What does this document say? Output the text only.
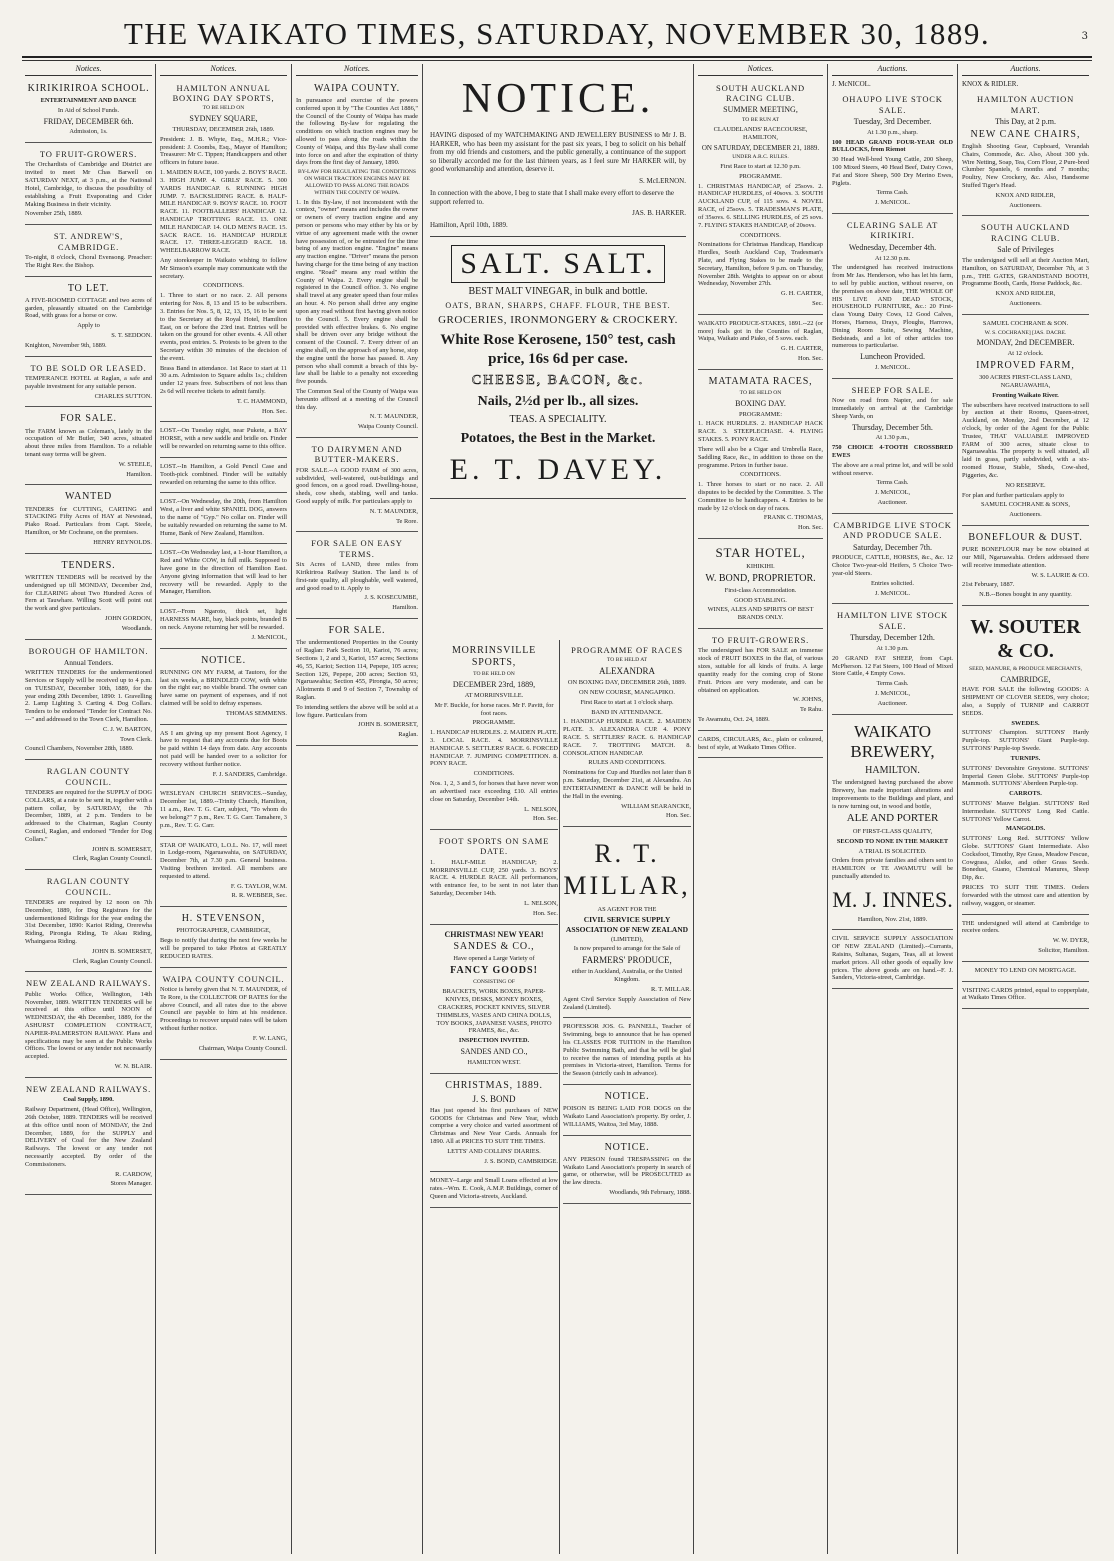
THE WAIKATO TIMES, SATURDAY, NOVEMBER 30, 1889.	3
Notices.
KIRIKIRIROA SCHOOL.

ENTERTAINMENT AND DANCE

In Aid of School Funds.

FRIDAY, DECEMBER 6th.

Admission, 1s.

TO FRUIT-GROWERS.

The Orchardists of Cambridge and District are invited to meet Mr Chas Barwell on SATURDAY NEXT, at 3 p.m., at the National Hotel, Cambridge, to discuss the possibility of establishing a Fruit Evaporating and Cider Making Business in their vicinity.

November 25th, 1889.

ST. ANDREW'S, CAMBRIDGE.

To-night, 8 o'clock, Choral Evensong. Preacher: The Right Rev. the Bishop.

TO LET.

A FIVE-ROOMED COTTAGE and two acres of garden, pleasantly situated on the Cambridge Road, with grass for a horse or cow.

Apply to

S. T. SEDDON.

Knighton, November 9th, 1889.

TO BE SOLD OR LEASED.

TEMPERANCE HOTEL at Raglan, a safe and payable investment for any suitable person.

CHARLES SUTTON.

FOR SALE.

The FARM known as Coleman's, lately in the occupation of Mr Butler, 340 acres, situated about three miles from Hamilton. To a reliable tenant easy terms will be given.

W. STEELE,

Hamilton.

WANTED

TENDERS for CUTTING, CARTING and STACKING Fifty Acres of HAY at Newstead, Piako Road. Particulars from Capt. Steele, Hamilton, or Mr Cochrane, on the premises.

HENRY REYNOLDS.

TENDERS.

WRITTEN TENDERS will be received by the undersigned up till MONDAY, December 2nd, for CLEARING about Two Hundred Acres of Fern at Tauwhare. Willing Scott will point out the work and give particulars.

JOHN GORDON,

Woodlands.

BOROUGH OF HAMILTON.

Annual Tenders.

WRITTEN TENDERS for the undermentioned Services or Supply will be received up to 4 p.m. on TUESDAY, December 10th, 1889, for the year ending 20th December, 1890: 1. Gravelling 2. Lamp Lighting 3. Carting 4. Dog Collars. Tenders to be endorsed "Tender for Contract No. ---" and addressed to the Town Clerk, Hamilton.

C. J. W. BARTON,

Town Clerk.

Council Chambers, November 28th, 1889.

RAGLAN COUNTY COUNCIL.

TENDERS are required for the SUPPLY of DOG COLLARS, at a rate to be sent in, together with a pattern collar, by SATURDAY, the 7th December, 1889, at 2 p.m. Tenders to be addressed to the Chairman, Raglan County Council, Raglan, and endorsed "Tender for Dog Collars."

JOHN B. SOMERSET,

Clerk, Raglan County Council.

RAGLAN COUNTY COUNCIL.

TENDERS are required by 12 noon on 7th December, 1889, for Dog Registrars for the undermentioned Ridings for the year ending the 31st December, 1890: Karioi Riding, Orerewha Riding, Pirongia Riding, Te Akau Riding, Whaingaroa Riding.

JOHN B. SOMERSET,

Clerk, Raglan County Council.

NEW ZEALAND RAILWAYS.

Public Works Office, Wellington, 14th November, 1889. WRITTEN TENDERS will be received at this office until NOON of WEDNESDAY, the 4th December, 1889, for the ASHURST COMPLETION CONTRACT, NAPIER-PALMERSTON RAILWAY. Plans and specifications may be seen at the Public Works Offices. The lowest or any tender not necessarily accepted.

W. N. BLAIR.

NEW ZEALAND RAILWAYS.

Coal Supply, 1890.

Railway Department, (Head Office), Wellington, 26th October, 1889. TENDERS will be received at this office until noon of MONDAY, the 2nd December, 1889, for the SUPPLY and DELIVERY of Coal for the New Zealand Railways. The lowest or any tender not necessarily accepted. By order of the Commissioners.

R. CARDOW,

Stores Manager.

Notices.
HAMILTON ANNUAL BOXING DAY SPORTS,

TO BE HELD ON

SYDNEY SQUARE,

THURSDAY, DECEMBER 26th, 1889.

President: J. B. Whyte, Esq., M.H.R.; Vice-president: J. Coombs, Esq., Mayor of Hamilton; Treasurer: Mr C. Tippen; Handicappers and other officers in future issue.

1. MAIDEN RACE, 100 yards. 2. BOYS' RACE. 3. HIGH JUMP. 4. GIRLS' RACE. 5. 300 YARDS HANDICAP. 6. RUNNING HIGH JUMP. 7. BACKSLIDING RACE. 8. HALF-MILE HANDICAP. 9. BOYS' RACE. 10. FOOT RACE. 11. FOOTBALLERS' HANDICAP. 12. HANDICAP TROTTING RACE. 13. ONE MILE HANDICAP. 14. OLD MEN'S RACE. 15. SACK RACE. 16. HANDICAP HURDLE RACE. 17. THREE-LEGGED RACE. 18. WHEELBARROW RACE.

Any storekeeper in Waikato wishing to follow Mr Simson's example may communicate with the secretary.

CONDITIONS.

1. Three to start or no race. 2. All persons entering for Nos. 8, 13 and 15 to be subscribers. 3. Entries for Nos. 5, 8, 12, 13, 15, 16 to be sent to the Secretary at the Royal Hotel, Hamilton East, on or before the 23rd inst. Entries will be taken on the ground for other events. 4. All other events, post entries. 5. Protests to be given to the Secretary within 30 minutes of the decision of the event.

Brass Band in attendance. 1st Race to start at 11 30 a.m. Admission to Square adults 1s.; children under 12 years free. Subscribers of not less than 2s 6d will receive tickets to admit family.

T. C. HAMMOND,

Hon. Sec.

LOST.--On Tuesday night, near Pukete, a BAY HORSE, with a new saddle and bridle on. Finder will be rewarded on returning same to this office.

LOST.--In Hamilton, a Gold Pencil Case and Tooth-pick combined. Finder will be suitably rewarded on returning the same to this office.

LOST.--On Wednesday, the 20th, from Hamilton West, a liver and white SPANIEL DOG, answers to the name of "Gyp." No collar on. Finder will be suitably rewarded on returning the same to M. Hume, Bank of New Zealand, Hamilton.

LOST.--On Wednesday last, a 1-hour Hamilton, a Red and White COW, in full milk. Supposed to have gone in the direction of Hamilton East. Anyone giving information that will lead to her recovery will be rewarded. Apply to the Manager, Hamilton.

LOST.--From Ngaroto, thick set, light HARNESS MARE, bay, black points, branded B on neck. Anyone returning her will be rewarded.

J. McNICOL,

NOTICE.

RUNNING ON MY FARM, at Tautoro, for the last six weeks, a BRINDLED COW, with white on the right ear; no visible brand. The owner can have same on payment of expenses, and if not claimed will be sold to defray expenses.

THOMAS SEMMENS.

AS I am giving up my present Boot Agency, I have to request that any accounts due for Boots be paid within 14 days from date. Any accounts not paid will be handed over to a solicitor for recovery without further notice.

F. J. SANDERS, Cambridge.

WESLEYAN CHURCH SERVICES.--Sunday, December 1st, 1889.--Trinity Church, Hamilton, 11 a.m., Rev. T. G. Carr, subject, "To whom do we belong?" 7 p.m., Rev. T. G. Carr. Tamahere, 3 p.m., Rev. T. G. Carr.

STAR OF WAIKATO, L.O.L. No. 17, will meet in Lodge-room, Ngaruawahia, on SATURDAY, December 7th, at 7.30 p.m. General business. Visiting brethren invited. All members are requested to attend.

F. G. TAYLOR, W.M.

R. R. WEBBER, Sec.

H. STEVENSON,

PHOTOGRAPHER, CAMBRIDGE,

Begs to notify that during the next few weeks he will be prepared to take Photos at GREATLY REDUCED RATES.

WAIPA COUNTY COUNCIL.

Notice is hereby given that N. T. MAUNDER, of Te Rore, is the COLLECTOR OF RATES for the above Council, and all rates due to the above Council are payable to him at his residence. Proceedings to recover unpaid rates will be taken without further notice.

F. W. LANG,

Chairman, Waipa County Council.

Notices.
WAIPA COUNTY.

In pursuance and exercise of the powers conferred upon it by "The Counties Act 1886," the Council of the County of Waipa has made the following By-law for regulating the conditions on which traction engines may be allowed to pass along the roads within the County of Waipa, and this By-law shall come into force on and after the expiration of thirty days from the first day of January, 1890.

BY-LAW FOR REGULATING THE CONDITIONS ON WHICH TRACTION ENGINES MAY BE ALLOWED TO PASS ALONG THE ROADS WITHIN THE COUNTY OF WAIPA.

1. In this By-law, if not inconsistent with the context, "owner" means and includes the owner or owners of every traction engine and any person or persons who may either by his or by virtue of any agreement made with the owner have possession of, or be entrusted for the time being of any traction engine. "Engine" means any traction engine. "Driver" means the person having charge for the time being of any traction engine. "Road" means any road within the County of Waipa. 2. Every engine shall be registered in the Council office. 3. No engine shall travel at any greater speed than four miles an hour. 4. No person shall drive any engine upon any road without first having given notice to the Council. 5. Every engine shall be provided with effective brakes. 6. No engine shall be driven over any bridge without the consent of the Council. 7. Every driver of an engine shall, on the approach of any horse, stop the engine until the horse has passed. 8. Any person who shall commit a breach of this by-law shall be liable to a penalty not exceeding five pounds.

The Common Seal of the County of Waipa was hereunto affixed at a meeting of the Council this day.

N. T. MAUNDER,

Waipa County Council.

TO DAIRYMEN AND BUTTER-MAKERS.

FOR SALE.--A GOOD FARM of 300 acres, subdivided, well-watered, out-buildings and good fences, on a good road. Dwelling-house, sheds, cow sheds, stabling, well and tanks. Good supply of milk. For particulars apply to

N. T. MAUNDER,

Te Rore.

FOR SALE ON EASY TERMS.

Six Acres of LAND, three miles from Kirikiriroa Railway Station. The land is of first-rate quality, all ploughable, well watered, and good road to it. Apply to

J. S. KOSECUMBE,

Hamilton.

FOR SALE.

The undermentioned Properties in the County of Raglan: Park Section 10, Karioi, 76 acres; Sections 1, 2 and 3, Karioi, 157 acres; Sections 46, 55, Karioi; Section 114, Pepepe, 105 acres; Section 126, Pepepe, 200 acres; Section 93, Ngaruawahia; Section 455, Pirongia, 50 acres; Allotments 8 and 9 of Section 7, Township of Raglan.

To intending settlers the above will be sold at a low figure. Particulars from

JOHN B. SOMERSET,

Raglan.

NOTICE.

HAVING disposed of my WATCHMAKING AND JEWELLERY BUSINESS to Mr J. B. HARKER, who has been my assistant for the past six years, I beg to solicit on his behalf from my old friends and customers, and the public generally, a continuance of the support so liberally accorded me for the last thirteen years, as I feel sure Mr HARKER will, by good workmanship and attention, deserve it.

S. McLERNON.

In connection with the above, I beg to state that I shall make every effort to deserve the support referred to.

JAS. B. HARKER.

Hamilton, April 10th, 1889.

SALT. SALT.
BEST MALT VINEGAR, in bulk and bottle.
OATS, BRAN, SHARPS, CHAFF. FLOUR, THE BEST.
GROCERIES, IRONMONGERY & CROCKERY.
White Rose Kerosene, 150° test, cash price, 16s 6d per case.
CHEESE, BACON, &c.
Nails, 2½d per lb., all sizes.
TEAS. A SPECIALITY.
Potatoes, the Best in the Market.
E. T. DAVEY.
MORRINSVILLE SPORTS,

TO BE HELD ON

DECEMBER 23rd, 1889,

AT MORRINSVILLE.

Mr F. Buckle, for horse races. Mr F. Pavitt, for foot races.

PROGRAMME.

1. HANDICAP HURDLES. 2. MAIDEN PLATE. 3. LOCAL RACE. 4. MORRINSVILLE HANDICAP. 5. SETTLERS' RACE. 6. FORCED HANDICAP. 7. JUMPING COMPETITION. 8. PONY RACE.

CONDITIONS.

Nos. 1, 2, 3 and 5, for horses that have never won an advertised race exceeding £10. All entries close on Saturday, December 14th.

L. NELSON,

Hon. Sec.

FOOT SPORTS ON SAME DATE.

1. HALF-MILE HANDICAP; 2. MORRINSVILLE CUP, 250 yards. 3. BOYS' RACE. 4. HURDLE RACE. All performances, with entrance fee, to be sent in not later than Saturday, December 14th.

L. NELSON,

Hon. Sec.

CHRISTMAS! NEW YEAR!

SANDES & CO.,

Have opened a Large Variety of

FANCY GOODS!

CONSISTING OF

BRACKETS, WORK BOXES, PAPER-KNIVES, DESKS, MONEY BOXES, CRACKERS, POCKET KNIVES, SILVER THIMBLES, VASES AND CHINA DOLLS, TOY BOOKS, JAPANESE VASES, PHOTO FRAMES, &c., &c.

INSPECTION INVITED.

SANDES AND CO.,

HAMILTON WEST.

CHRISTMAS, 1889.

J. S. BOND

Has just opened his first purchases of NEW GOODS for Christmas and New Year, which comprise a very choice and varied assortment of Christmas and New Year Cards. Annuals for 1890. All at PRICES TO SUIT THE TIMES.

LETTS' AND COLLINS' DIARIES.

J. S. BOND, CAMBRIDGE.

MONEY--Large and Small Loans effected at low rates.--Wm. E. Cook, A.M.P. Buildings, corner of Queen and Victoria-streets, Auckland.

PROGRAMME OF RACES

TO BE HELD AT

ALEXANDRA

ON BOXING DAY, DECEMBER 26th, 1889.

ON NEW COURSE, MANGAPIKO.

First Race to start at 1 o'clock sharp.

BAND IN ATTENDANCE.

1. HANDICAP HURDLE RACE. 2. MAIDEN PLATE. 3. ALEXANDRA CUP. 4. PONY RACE. 5. SETTLERS' RACE. 6. HANDICAP RACE. 7. TROTTING MATCH. 8. CONSOLATION HANDICAP.

RULES AND CONDITIONS.

Nominations for Cup and Hurdles not later than 8 p.m. Saturday, December 21st, at Alexandra. An ENTERTAINMENT & DANCE will be held in the Hall in the evening.

WILLIAM SEARANCKE,

Hon. Sec.

R. T. MILLAR,

AS AGENT FOR THE

CIVIL SERVICE SUPPLY ASSOCIATION OF NEW ZEALAND

(LIMITED),

Is now prepared to arrange for the Sale of

FARMERS' PRODUCE,

either in Auckland, Australia, or the United Kingdom.

R. T. MILLAR.

Agent Civil Service Supply Association of New Zealand (Limited).

PROFESSOR JOS. G. PANNELL, Teacher of Swimming, begs to announce that he has opened his CLASSES FOR TUITION in the Hamilton Public Swimming Bath, and that he will be glad to receive the names of intending pupils at his premises in Victoria-street, Hamilton. Terms for the Season (strictly cash in advance).

NOTICE.

POISON IS BEING LAID FOR DOGS on the Waikato Land Association's property. By order, J. WILLIAMS, Waitoa, 3rd May, 1888.

NOTICE.

ANY PERSON found TRESPASSING on the Waikato Land Association's property in search of game, or otherwise, will be PROSECUTED as the law directs.

Woodlands, 9th February, 1888.

Notices.
SOUTH AUCKLAND RACING CLUB.

SUMMER MEETING,

TO BE RUN AT

CLAUDELANDS' RACECOURSE, HAMILTON,

ON SATURDAY, DECEMBER 21, 1889.

UNDER A.R.C. RULES.

First Race to start at 12.30 p.m.

PROGRAMME.

1. CHRISTMAS HANDICAP, of 25sovs. 2. HANDICAP HURDLES, of 40sovs. 3. SOUTH AUCKLAND CUP, of 115 sovs. 4. NOVEL RACE, of 25sovs. 5. TRADESMAN'S PLATE, of 35sovs. 6. SELLING HURDLES, of 25 sovs. 7. FLYING STAKES HANDICAP, of 20sovs.

CONDITIONS.

Nominations for Christmas Handicap, Handicap Hurdles, South Auckland Cup, Tradesman's Plate, and Flying Stakes to be made to the Secretary, Hamilton, before 9 p.m. on Thursday, November 28th. Weights to appear on or about Wednesday, November 27th.

G. H. CARTER,

Sec.

WAIKATO PRODUCE-STAKES, 1891.--22 (or more) foals got in the Counties of Raglan, Waipa, Waikato and Piako, of 5 sovs. each.

G. H. CARTER,

Hon. Sec.

MATAMATA RACES,

TO BE HELD ON

BOXING DAY.

PROGRAMME:

1. HACK HURDLES. 2. HANDICAP HACK RACE. 3. STEEPLECHASE. 4. FLYING STAKES. 5. PONY RACE.

There will also be a Cigar and Umbrella Race, Saddling Race, &c., in addition to those on the programme. Prizes in further issue.

CONDITIONS.

1. Three horses to start or no race. 2. All disputes to be decided by the Committee. 3. The Committee to be handicappers. 4. Entries to be made by 12 o'clock on day of races.

FRANK C. THOMAS,

Hon. Sec.

STAR HOTEL,

KIHIKIHI.

W. BOND, PROPRIETOR.

First-class Accommodation.

GOOD STABLING.

WINES, ALES AND SPIRITS OF BEST BRANDS ONLY.

TO FRUIT-GROWERS.

The undersigned has FOR SALE an immense stock of FRUIT BOXES in the flat, of various sizes, suitable for all kinds of fruits. A large quantity ready for the coming crop of Stone Fruit. Prices are very moderate, and can be obtained on application.

W. JOHNS,

Te Rahu.

Te Awamutu, Oct. 24, 1889.

CARDS, CIRCULARS, &c., plain or coloured, best of style, at Waikato Times Office.

Auctions.

J. McNICOL.

OHAUPO LIVE STOCK SALE.

Tuesday, 3rd December.

At 1.30 p.m., sharp.

100 HEAD GRAND FOUR-YEAR OLD BULLOCKS, from Riemot

30 Head Well-bred Young Cattle, 200 Sheep, 100 Mixed Steers, 40 Head Beef, Dairy Cows, Fat and Store Sheep, 500 Dry Merino Ewes, Piglets.

Terms Cash.

J. McNICOL.

CLEARING SALE AT KIRIKIRI.

Wednesday, December 4th.

At 12.30 p.m.

The undersigned has received instructions from Mr Jas. Henderson, who has let his farm, to sell by public auction, without reserve, on the premises on above date, THE WHOLE OF HIS LIVE AND DEAD STOCK, HOUSEHOLD FURNITURE, &c.: 20 First-class Young Dairy Cows, 12 Good Calves, Horses, Harness, Drays, Ploughs, Harrows, Dining Room Suite, Sewing Machine, Bedsteads, and a lot of other articles too numerous to particularise.

Luncheon Provided.

J. McNICOL.

SHEEP FOR SALE.

Now on road from Napier, and for sale immediately on arrival at the Cambridge Sheep Yards, on

Thursday, December 5th.

At 1.30 p.m.,

750 CHOICE 4-TOOTH CROSSBRED EWES

The above are a real prime lot, and will be sold without reserve.

Terms Cash.

J. McNICOL,

Auctioneer.

CAMBRIDGE LIVE STOCK AND PRODUCE SALE.

Saturday, December 7th.

PRODUCE, CATTLE, HORSES, &c., &c. 12 Choice Two-year-old Heifers, 5 Choice Two-year-old Steers.

Entries solicited.

J. McNICOL.

HAMILTON LIVE STOCK SALE.

Thursday, December 12th.

At 1.30 p.m.

20 GRAND FAT SHEEP, from Capt. McPherson. 12 Fat Steers, 100 Head of Mixed Store Cattle, 4 Empty Cows.

Terms Cash.

J. McNICOL,

Auctioneer.

WAIKATO BREWERY,

HAMILTON.

The undersigned having purchased the above Brewery, has made important alterations and improvements to the Buildings and plant, and is now turning out, in wood and bottle,

ALE AND PORTER

OF FIRST-CLASS QUALITY,

SECOND TO NONE IN THE MARKET

A TRIAL IS SOLICITED.

Orders from private families and others sent to HAMILTON or TE AWAMUTU will be punctually attended to.

M. J. INNES.

Hamilton, Nov. 21st, 1889.

CIVIL SERVICE SUPPLY ASSOCIATION OF NEW ZEALAND (Limited).--Currants, Raisins, Sultanas, Sugars, Teas, all at lowest market prices. All other goods of equally low prices. The above goods are on hand.--F. J. Sanders, Victoria-street, Cambridge.

Auctions.

KNOX & RIDLER.

HAMILTON AUCTION MART.

This Day, at 2 p.m.

NEW CANE CHAIRS,

English Shooting Gear, Cupboard, Verandah Chairs, Commode, &c. Also, About 300 yds. Wire Netting, Soap, Tea, Corn Flour, 2 Pure-bred Clumber Spaniels, 6 months and 7 months; Poultry, New Crockery, &c. Also, Handsome Stuffed Tiger's Head.

KNOX AND RIDLER,

Auctioneers.

SOUTH AUCKLAND RACING CLUB.

Sale of Privileges

The undersigned will sell at their Auction Mart, Hamilton, on SATURDAY, December 7th, at 3 p.m., THE GATES, GRANDSTAND BOOTH, Programme Booth, Cards, Horse Paddock, &c.

KNOX AND RIDLER,

Auctioneers.

SAMUEL COCHRANE & SON.

W. S. COCHRANE] [JAS. DACRE.

MONDAY, 2nd DECEMBER.

At 12 o'clock.

IMPROVED FARM,

300 ACRES FIRST-CLASS LAND, NGARUAWAHIA,

Fronting Waikato River.

The subscribers have received instructions to sell by auction at their Rooms, Queen-street, Auckland, on Monday, 2nd December, at 12 o'clock, by order of the Agent for the Public Trustee, THAT VALUABLE IMPROVED FARM of 300 acres, situate close to Ngaruawahia. The property is well situated, all laid in grass, partly subdivided, with a six-roomed House, Stable, Sheds, Cow-shed, Piggeries, &c.

NO RESERVE.

For plan and further particulars apply to

SAMUEL COCHRANE & SONS,

Auctioneers.

BONEFLOUR & DUST.

PURE BONEFLOUR may be now obtained at our Mill, Ngaruawahia. Orders addressed there will receive immediate attention.

W. S. LAURIE & CO.

21st February, 1887.

N.B.--Bones bought in any quantity.

W. SOUTER & CO.

SEED, MANURE, & PRODUCE MERCHANTS,

CAMBRIDGE,

HAVE FOR SALE the following GOODS: A SHIPMENT OF CLOVER SEEDS, very choice; also, a Supply of TURNIP and CARROT SEEDS.

SWEDES.

SUTTONS' Champion. SUTTONS' Hardy Purple-top. SUTTONS' Giant Purple-top. SUTTONS' Purple-top Swede.

TURNIPS.

SUTTONS' Devonshire Greystone. SUTTONS' Imperial Green Globe. SUTTONS' Purple-top Mammoth. SUTTONS' Aberdeen Purple-top.

CARROTS.

SUTTONS' Mauve Belgian. SUTTONS' Red Intermediate. SUTTONS' Long Red Cattle. SUTTONS' Yellow Carrot.

MANGOLDS.

SUTTONS' Long Red. SUTTONS' Yellow Globe. SUTTONS' Giant Intermediate. Also Cocksfoot, Timothy, Rye Grass, Meadow Fescue, Cowgrass, Alsike, and other Grass Seeds. Bonedust, Guano, Chemical Manures, Sheep Dip, &c.

PRICES TO SUIT THE TIMES. Orders forwarded with the utmost care and attention by railway, waggon, or steamer.

THE undersigned will attend at Cambridge to receive orders.

W. W. DYER,

Solicitor, Hamilton.

MONEY TO LEND ON MORTGAGE.

VISITING CARDS printed, equal to copperplate, at Waikato Times Office.
